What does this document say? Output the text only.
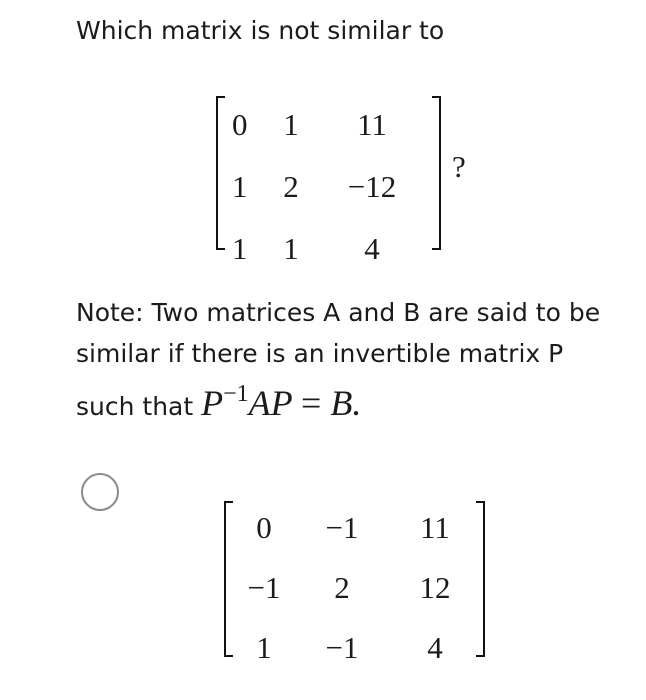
Which matrix is not similar to

0	1	11
1	2	−12
1	1	4
?

Note: Two matrices A and B are said to be similar if there is an invertible matrix P such that $P^{-1}AP = B$.

0	−1	11
−1	2	12
1	−1	4
